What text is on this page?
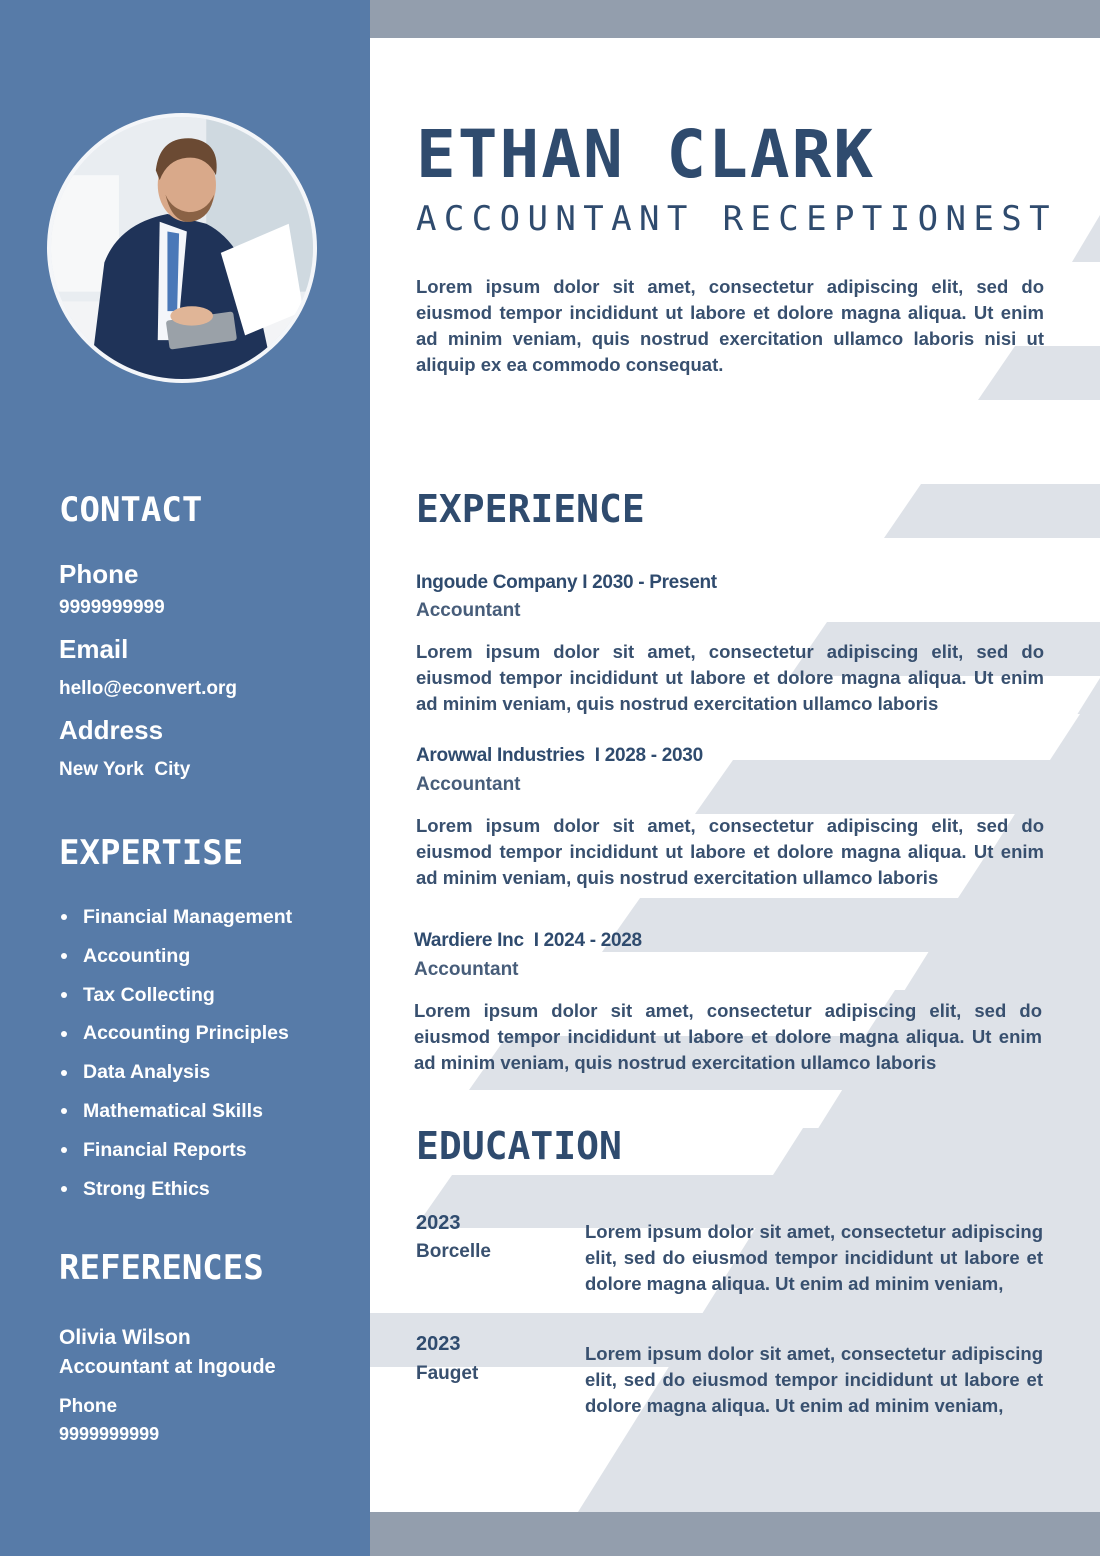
CONTACT
Phone
9999999999
Email
hello@econvert.org
Address
New York  City
EXPERTISE
Financial Management
Accounting
Tax Collecting
Accounting Principles
Data Analysis
Mathematical Skills
Financial Reports
Strong Ethics
REFERENCES
Olivia Wilson
Accountant at Ingoude
Phone
9999999999
ETHAN CLARK
ACCOUNTANT RECEPTIONEST

Lorem ipsum dolor sit amet, consectetur adipiscing elit, sed do eiusmod tempor incididunt ut labore et dolore magna aliqua. Ut enim ad minim veniam, quis nostrud exercitation ullamco laboris nisi ut aliquip ex ea commodo consequat.

EXPERIENCE
Ingoude Company I 2030 - Present
Accountant

Lorem ipsum dolor sit amet, consectetur adipiscing elit, sed do eiusmod tempor incididunt ut labore et dolore magna aliqua. Ut enim ad minim veniam, quis nostrud exercitation ullamco laboris

Arowwal Industries  I 2028 - 2030
Accountant

Lorem ipsum dolor sit amet, consectetur adipiscing elit, sed do eiusmod tempor incididunt ut labore et dolore magna aliqua. Ut enim ad minim veniam, quis nostrud exercitation ullamco laboris

Wardiere Inc  I 2024 - 2028
Accountant

Lorem ipsum dolor sit amet, consectetur adipiscing elit, sed do eiusmod tempor incididunt ut labore et dolore magna aliqua. Ut enim ad minim veniam, quis nostrud exercitation ullamco laboris

EDUCATION
2023
Borcelle

Lorem ipsum dolor sit amet, consectetur adipiscing elit, sed do eiusmod tempor incididunt ut labore et dolore magna aliqua. Ut enim ad minim veniam,

2023
Fauget

Lorem ipsum dolor sit amet, consectetur adipiscing elit, sed do eiusmod tempor incididunt ut labore et dolore magna aliqua. Ut enim ad minim veniam,
